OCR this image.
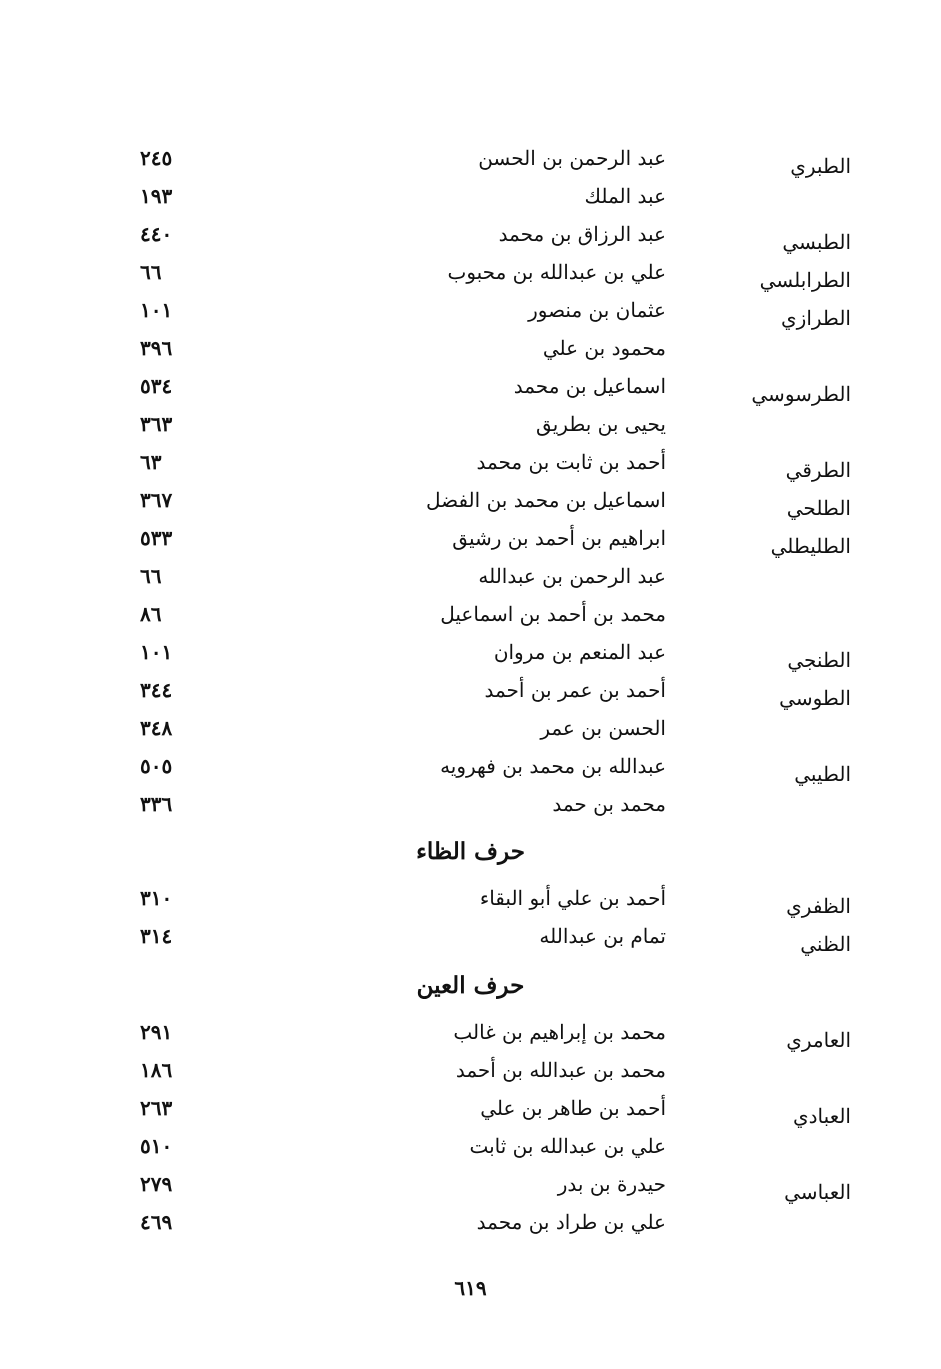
الطبري
عبد الرحمن بن الحسن
٢٤٥
عبد الملك
١٩٣
الطبسي
عبد الرزاق بن محمد
٤٤٠
الطرابلسي
علي بن عبدالله بن محبوب
٦٦
الطرازي
عثمان بن منصور
١٠١
محمود بن علي
٣٩٦
الطرسوسي
اسماعيل بن محمد
٥٣٤
يحيى بن بطريق
٣٦٣
الطرقي
أحمد بن ثابت بن محمد
٦٣
الطلحي
اسماعيل بن محمد بن الفضل
٣٦٧
الطليطلي
ابراهيم بن أحمد بن رشيق
٥٣٣
عبد الرحمن بن عبدالله
٦٦
محمد بن أحمد بن اسماعيل
٨٦
الطنجي
عبد المنعم بن مروان
١٠١
الطوسي
أحمد بن عمر بن أحمد
٣٤٤
الحسن بن عمر
٣٤٨
الطيبي
عبدالله بن محمد بن فهرويه
٥٠٥
محمد بن حمد
٣٣٦
حرف الظاء
الظفري
أحمد بن علي أبو البقاء
٣١٠
الظني
تمام بن عبدالله
٣١٤
حرف العين
العامري
محمد بن إبراهيم بن غالب
٢٩١
محمد بن عبدالله بن أحمد
١٨٦
العبادي
أحمد بن طاهر بن علي
٢٦٣
علي بن عبدالله بن ثابت
٥١٠
العباسي
حيدرة بن بدر
٢٧٩
علي بن طراد بن محمد
٤٦٩
٦١٩
